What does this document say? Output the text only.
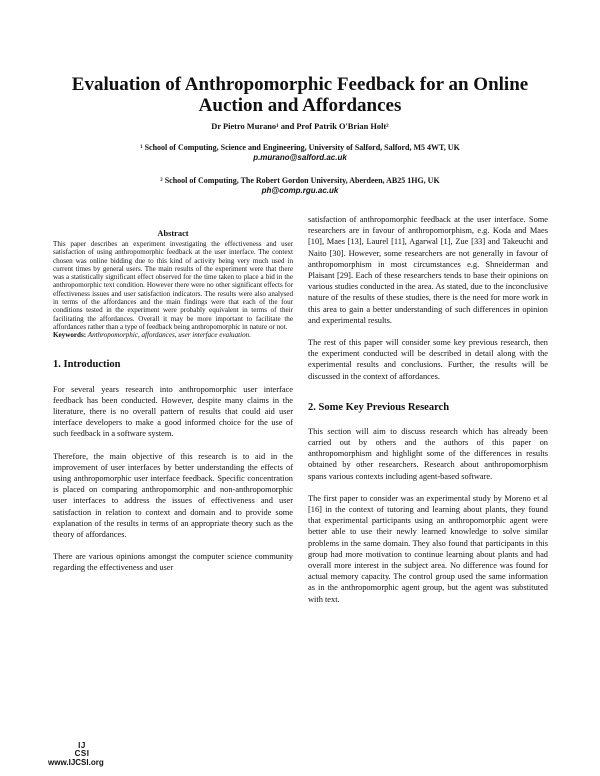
Evaluation of Anthropomorphic Feedback for an Online
Auction and Affordances
Dr Pietro Murano¹ and Prof Patrik O'Brian Holt²
¹ School of Computing, Science and Engineering, University of Salford, Salford, M5 4WT, UK
p.murano@salford.ac.uk
² School of Computing, The Robert Gordon University, Aberdeen, AB25 1HG, UK
ph@comp.rgu.ac.uk
Abstract

This paper describes an experiment investigating the effectiveness and user satisfaction of using anthropomorphic feedback at the user interface. The context chosen was online bidding due to this kind of activity being very much used in current times by general users. The main results of the experiment were that there was a statistically significant effect observed for the time taken to place a bid in the anthropomorphic text condition. However there were no other significant effects for effectiveness issues and user satisfaction indicators. The results were also analysed in terms of the affordances and the main findings were that each of the four conditions tested in the experiment were probably equivalent in terms of their facilitating the affordances. Overall it may be more important to facilitate the affordances rather than a type of feedback being anthropomorphic in nature or not.

Keywords: Anthropomorphic, affordances, user interface evaluation.

1. Introduction

For several years research into anthropomorphic user interface feedback has been conducted. However, despite many claims in the literature, there is no overall pattern of results that could aid user interface developers to make a good informed choice for the use of such feedback in a software system.

Therefore, the main objective of this research is to aid in the improvement of user interfaces by better understanding the effects of using anthropomorphic user interface feedback. Specific concentration is placed on comparing anthropomorphic and non-anthropomorphic user interfaces to address the issues of effectiveness and user satisfaction in relation to context and domain and to provide some explanation of the results in terms of an appropriate theory such as the theory of affordances.

There are various opinions amongst the computer science community regarding the effectiveness and user

satisfaction of anthropomorphic feedback at the user interface. Some researchers are in favour of anthropomorphism, e.g. Koda and Maes [10], Maes [13], Laurel [11], Agarwal [1], Zue [33] and Takeuchi and Naito [30]. However, some researchers are not generally in favour of anthropomorphism in most circumstances e.g. Shneiderman and Plaisant [29]. Each of these researchers tends to base their opinions on various studies conducted in the area. As stated, due to the inconclusive nature of the results of these studies, there is the need for more work in this area to gain a better understanding of such differences in opinion and experimental results.

The rest of this paper will consider some key previous research, then the experiment conducted will be described in detail along with the experimental results and conclusions. Further, the results will be discussed in the context of affordances.

2. Some Key Previous Research

This section will aim to discuss research which has already been carried out by others and the authors of this paper on anthropomorphism and highlight some of the differences in results obtained by other researchers. Research about anthropomorphism spans various contexts including agent-based software.

The first paper to consider was an experimental study by Moreno et al [16] in the context of tutoring and learning about plants, they found that experimental participants using an anthropomorphic agent were better able to use their newly learned knowledge to solve similar problems in the same domain. They also found that participants in this group had more motivation to continue learning about plants and had overall more interest in the subject area. No difference was found for actual memory capacity. The control group used the same information as in the anthropomorphic agent group, but the agent was substituted with text.

IJ CSI
www.IJCSI.org
